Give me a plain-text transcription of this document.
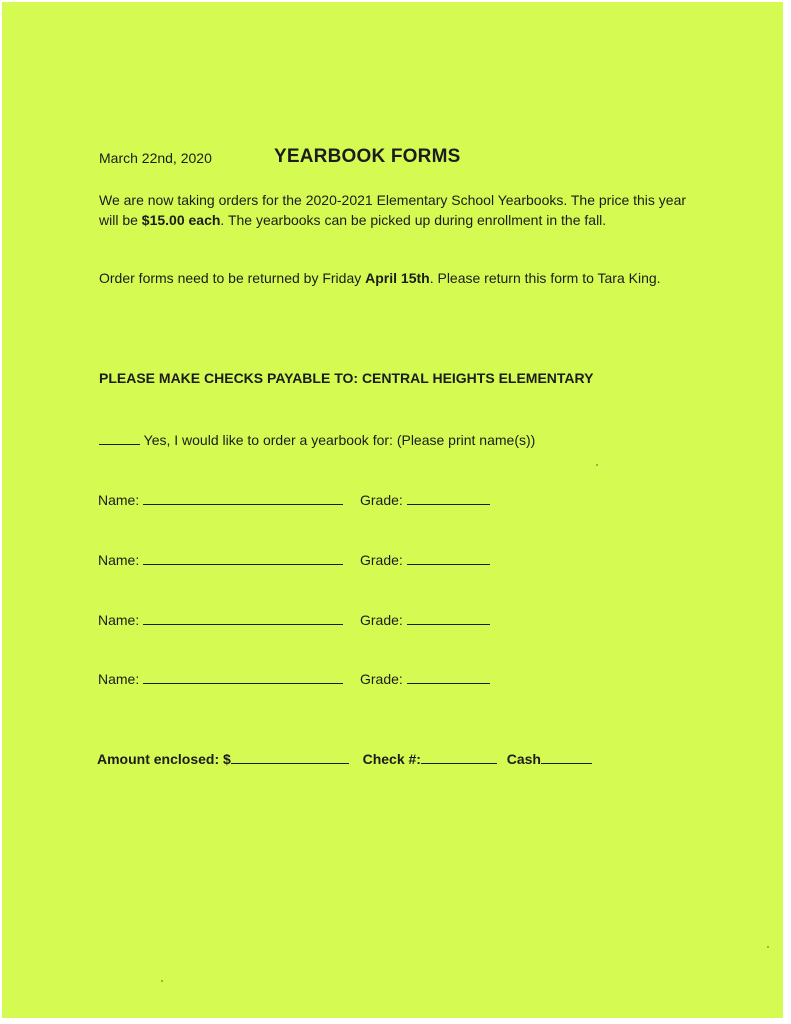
March 22nd, 2020	YEARBOOK FORMS
We are now taking orders for the 2020-2021 Elementary School Yearbooks. The price this year will be $15.00 each. The yearbooks can be picked up during enrollment in the fall.
Order forms need to be returned by Friday April 15th. Please return this form to Tara King.
PLEASE MAKE CHECKS PAYABLE TO: CENTRAL HEIGHTS ELEMENTARY
Yes, I would like to order a yearbook for: (Please print name(s))
Name:	Grade:
Name:	Grade:
Name:	Grade:
Name:	Grade:
Amount enclosed: $	Check #:	Cash
